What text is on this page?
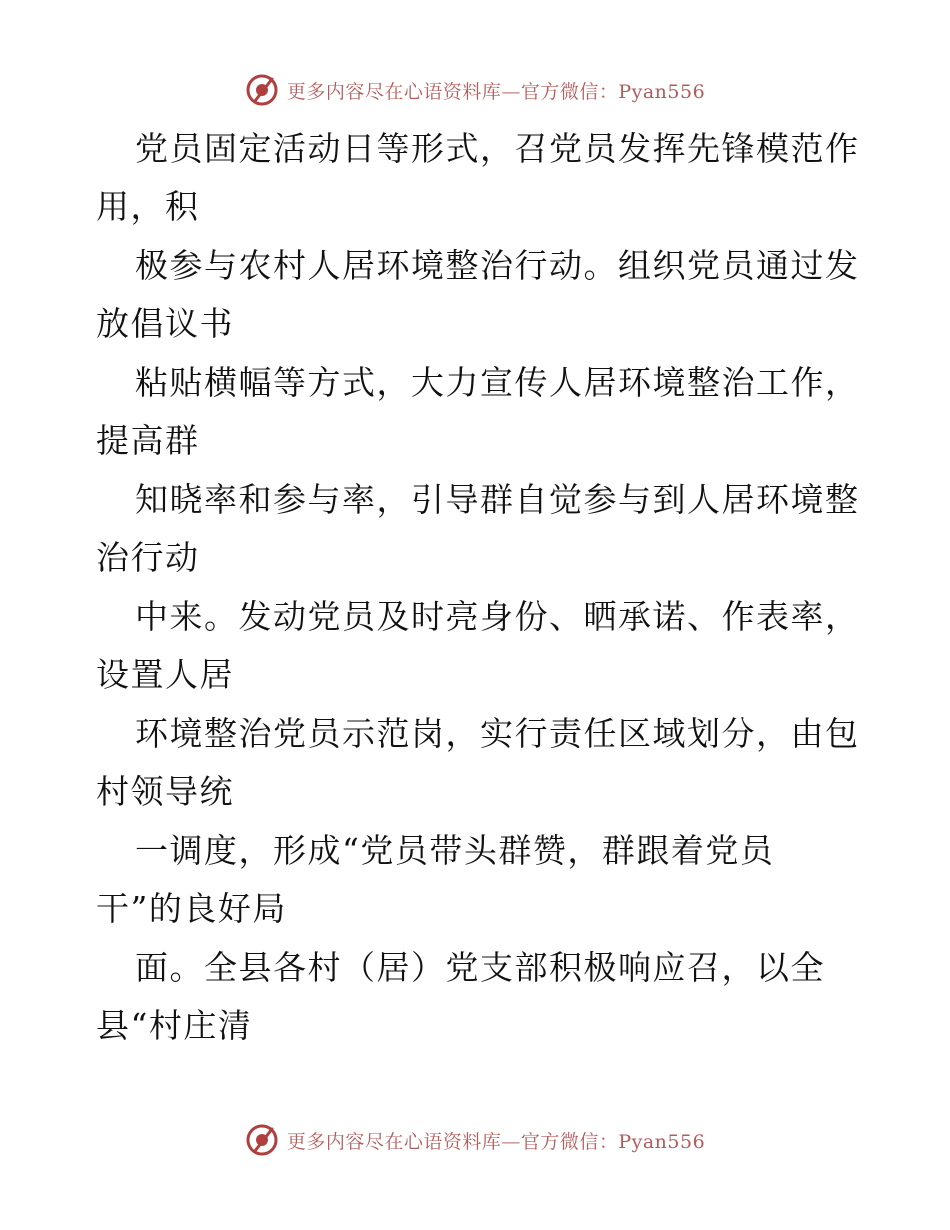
更多内容尽在心语资料库—官方微信：Pyan556
党员固定活动日等形式，召党员发挥先锋模范作
用，积
极参与农村人居环境整治行动。组织党员通过发
放倡议书
粘贴横幅等方式，大力宣传人居环境整治工作，
提高群
知晓率和参与率，引导群自觉参与到人居环境整
治行动
中来。发动党员及时亮身份、晒承诺、作表率，
设置人居
环境整治党员示范岗，实行责任区域划分，由包
村领导统
一调度，形成“党员带头群赞，群跟着党员
干”的良好局
面。全县各村（居）党支部积极响应召，以全
县“村庄清
更多内容尽在心语资料库—官方微信：Pyan556
